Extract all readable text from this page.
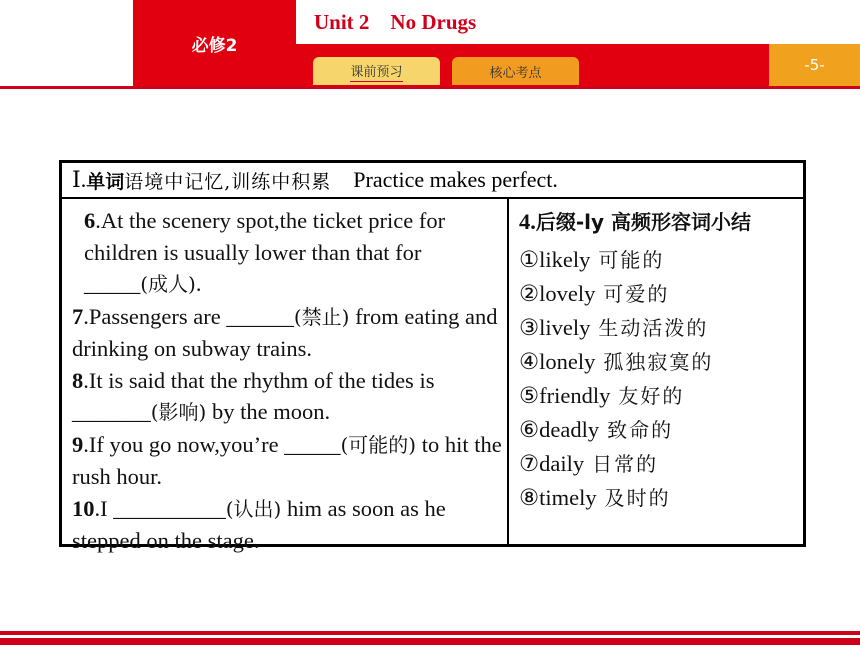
必修2
Unit 2    No Drugs
-5-
课前预习	核心考点
Ⅰ. 单词 语境中记忆,训练中积累 Practice makes perfect.

6.At the scenery spot,the ticket price for children is usually lower than that for _____(成人).

7.Passengers are ______(禁止) from eating and drinking on subway trains.

8.It is said that the rhythm of the tides is _______(影响) by the moon.

9.If you go now,you’re _____(可能的) to hit the rush hour.

10.I __________(认出) him as soon as he stepped on the stage.

4.后缀-ly 高频形容词小结
①likely 可能的
②lovely 可爱的
③lively 生动活泼的
④lonely 孤独寂寞的
⑤friendly 友好的
⑥deadly 致命的
⑦daily 日常的
⑧timely 及时的
